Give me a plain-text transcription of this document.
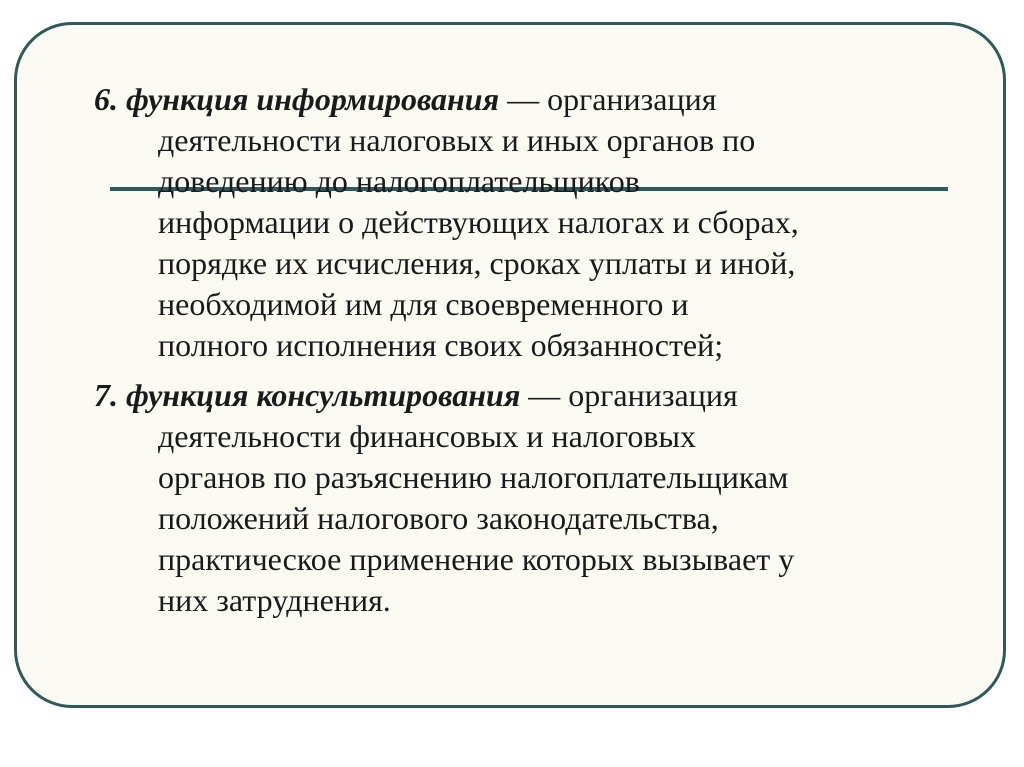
6. функция информирования — организация
деятельности налоговых и иных органов по
доведению до налогоплательщиков
информации о действующих налогах и сборах,
порядке их исчисления, сроках уплаты и иной,
необходимой им для своевременного и
полного исполнения своих обязанностей;

7. функция консультирования — организация
деятельности финансовых и налоговых
органов по разъяснению налогоплательщикам
положений налогового законодательства,
практическое применение которых вызывает у
них затруднения.
